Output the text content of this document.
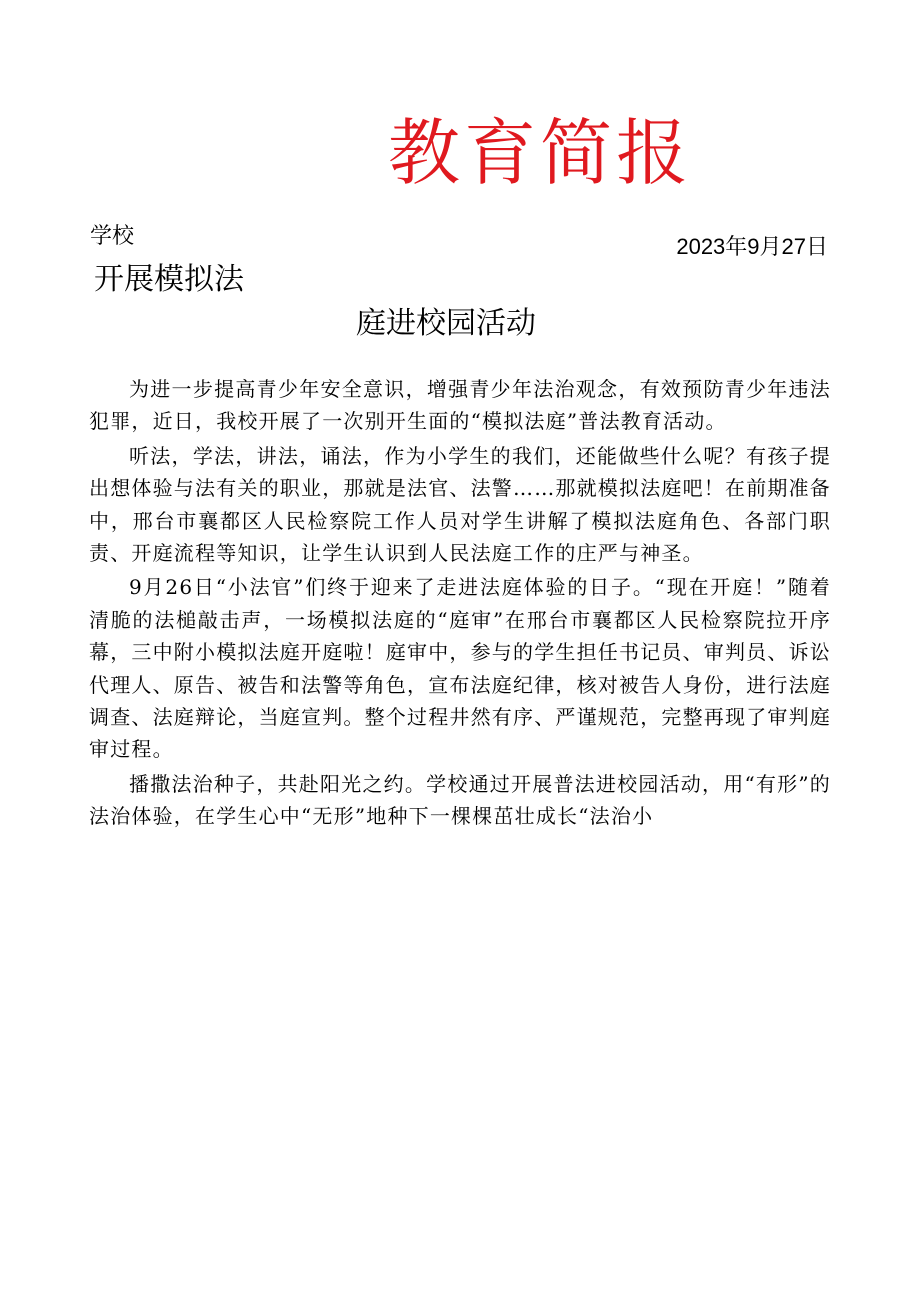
教育简报
学校	2023年9月27日
开展模拟法
庭进校园活动

为进一步提高青少年安全意识，增强青少年法治观念，有效预防青少年违法犯罪，近日，我校开展了一次别开生面的“模拟法庭”普法教育活动。

听法，学法，讲法，诵法，作为小学生的我们，还能做些什么呢？有孩子提出想体验与法有关的职业，那就是法官、法警……那就模拟法庭吧！在前期准备中，邢台市襄都区人民检察院工作人员对学生讲解了模拟法庭角色、各部门职责、开庭流程等知识，让学生认识到人民法庭工作的庄严与神圣。

9月26日“小法官”们终于迎来了走进法庭体验的日子。“现在开庭！”随着清脆的法槌敲击声，一场模拟法庭的“庭审”在邢台市襄都区人民检察院拉开序幕，三中附小模拟法庭开庭啦！庭审中，参与的学生担任书记员、审判员、诉讼代理人、原告、被告和法警等角色，宣布法庭纪律，核对被告人身份，进行法庭调查、法庭辩论，当庭宣判。整个过程井然有序、严谨规范，完整再现了审判庭审过程。

播撒法治种子，共赴阳光之约。学校通过开展普法进校园活动，用“有形”的法治体验，在学生心中“无形”地种下一棵棵茁壮成长“法治小
